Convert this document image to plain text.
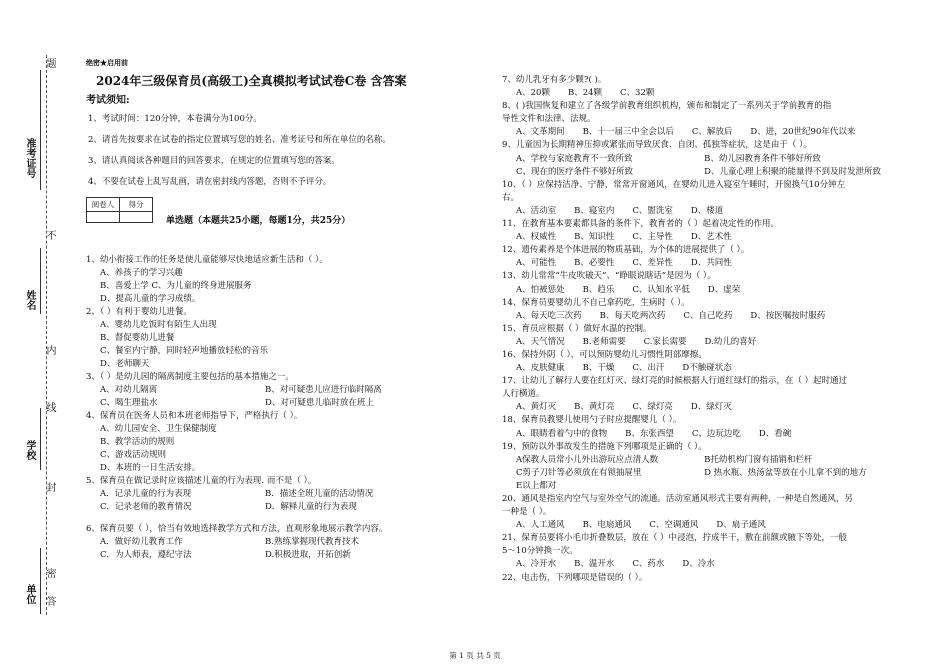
题
不
内
线
封
密
答
准考证号
姓名
学校
单位
绝密★启用前
2024年三级保育员(高级工)全真模拟考试试卷C卷 含答案
考试须知:

1、考试时间：120分钟，本卷满分为100分。

2、请首先按要求在试卷的指定位置填写您的姓名、准考证号和所在单位的名称。

3、请认真阅读各种题目的回答要求，在规定的位置填写您的答案。

4、不要在试卷上乱写乱画，请在密封线内答题，否则不予评分。

阅卷人	得分

单选题（本题共25小题，每题1分，共25分）

1、幼小衔接工作的任务是使儿童能够尽快地适应新生活和（ ）。

A、养孩子的学习兴趣

B、喜爱上学 C、为儿童的终身进展服务

D、提高儿童的学习成绩。

2、（ ）有利于婴幼儿进餐。

A、婴幼儿吃饭时有陌生人出现

B、督促婴幼儿进餐

C、餐室内宁静，同时轻声地播放轻松的音乐

D、老师聊天

3、（ ）是幼儿园的隔离制度主要包括的基本措施之一。

A、对幼儿隔离	B、对可疑患儿应进行临时隔离
C、喝生理盐水	D、对可疑患儿临时放在班上

4、保育员在医务人员和本班老师指导下，严格执行（ ）。

A、幼儿园安全、卫生保健制度

B、教学活动的规则

C、游戏活动规则

D、本班的一日生活安排。

5、保育员在做记录时应该描述儿童的行为表现. 而不是（ ）。

A．记录儿童的行为表现	B．描述全班儿童的活动情况
C．记录老师的教育情况	D．解释儿童的行为表现

6、保育员要（ ），恰当有效地选择教学方式和方法，直观形象地展示教学内容。

A．做好幼儿教育工作	B.熟练掌握现代教育技术
C．为人师表，遵纪守法	D.积极进取，开拓创新

7、幼儿乳牙有多少颗?( )。

A、20颗 B、24颗 C、32颗

8、( )我国恢复和建立了各级学前教育组织机构，颁布和制定了一系列关于学前教育的指

导性文件和法律、法规。

A、文革期间 B、十一届三中全会以后 C、解放后 D、进，20世纪90年代以来

9、儿童因为长期精神压抑或紧张而导致厌食、自闭、孤独等症状，这是由于（ ）。

A、学校与家庭教育不一致所致	B、幼儿园教育条件不够好所致
C、现在的医疗条件不够好所致	D、儿童心理上积聚的能量得不到及时发泄所致

10、（ ）应保持洁净、宁静，常常开窗通风，在婴幼儿进入寝室午睡时，开窗换气10分钟左

右。

A、活动室 B、寝室内 C、盥洗室 D、楼道

11、在教育基本要素都具备的条件下，教育者的（ ）起着决定性的作用。

A、权威性 B、知识性 C、主导性 D、艺术性

12、遗传素养是个体进展的物质基础，为个体的进展提供了（ ）。

A、可能性 B、必要性 C、差异性 D、共同性

13、幼儿常常“牛皮吹破天”、“睁眼说瞎话”是因为（ ）。

A、怕被惩处 B、趋乐 C、认知水平低 D、虚荣

14、保育员要婴幼儿不自己拿药吃，生病时（ ）。

A、每天吃三次药 B、每天吃两次药 C、自己吃药 D、按医嘱按时服药

15、育员应根据（ ）做好水温的控制。

A、天气情况 B.老师需要 C.家长需要 D.幼儿的喜好

16、保持外阴（ ），可以预防婴幼儿习惯性阴部摩擦。

A、皮肤健康 B、干燥 C、出汗 D不触碰状态

17、让幼儿了解行人要在红灯灭、绿灯亮的时候根据人行道红绿灯的指示，在（ ）起时通过

人行横道。

A、黄灯灭 B、黄灯亮 C、绿灯亮 D、绿灯灭

18、保育员教婴儿使用勺子时应提醒婴儿（ ）。

A、眼睛看着勺中的食物 B、东张西望 C、边玩边吃 D、看碗

19、预防以外事故发生的措施下列哪项是正确的（ ）。

A保教人员常小儿外出游玩应点清人数	B托幼机构门窗有插销和栏杆
C剪子刀针等必须放在有锁抽屉里	D 热水瓶、热汤盆等放在小儿拿不到的地方

E以上都对

20、通风是指室内空气与室外空气的流通。活动室通风形式主要有两种，一种是自然通风，另

一种是（ ）。

A、人工通风 B、电扇通风 C、空调通风 D、扇子通风

21、保育员要将小毛巾折叠数层，放在（ ）中浸泡，拧成半干，敷在前额或腋下等处，一般

5～10分钟换一次。

A、冷开水 B、温开水 C、药水 D、冷水

22、电击伤，下列哪项是错误的（ ）。

第 1 页 共 5 页
